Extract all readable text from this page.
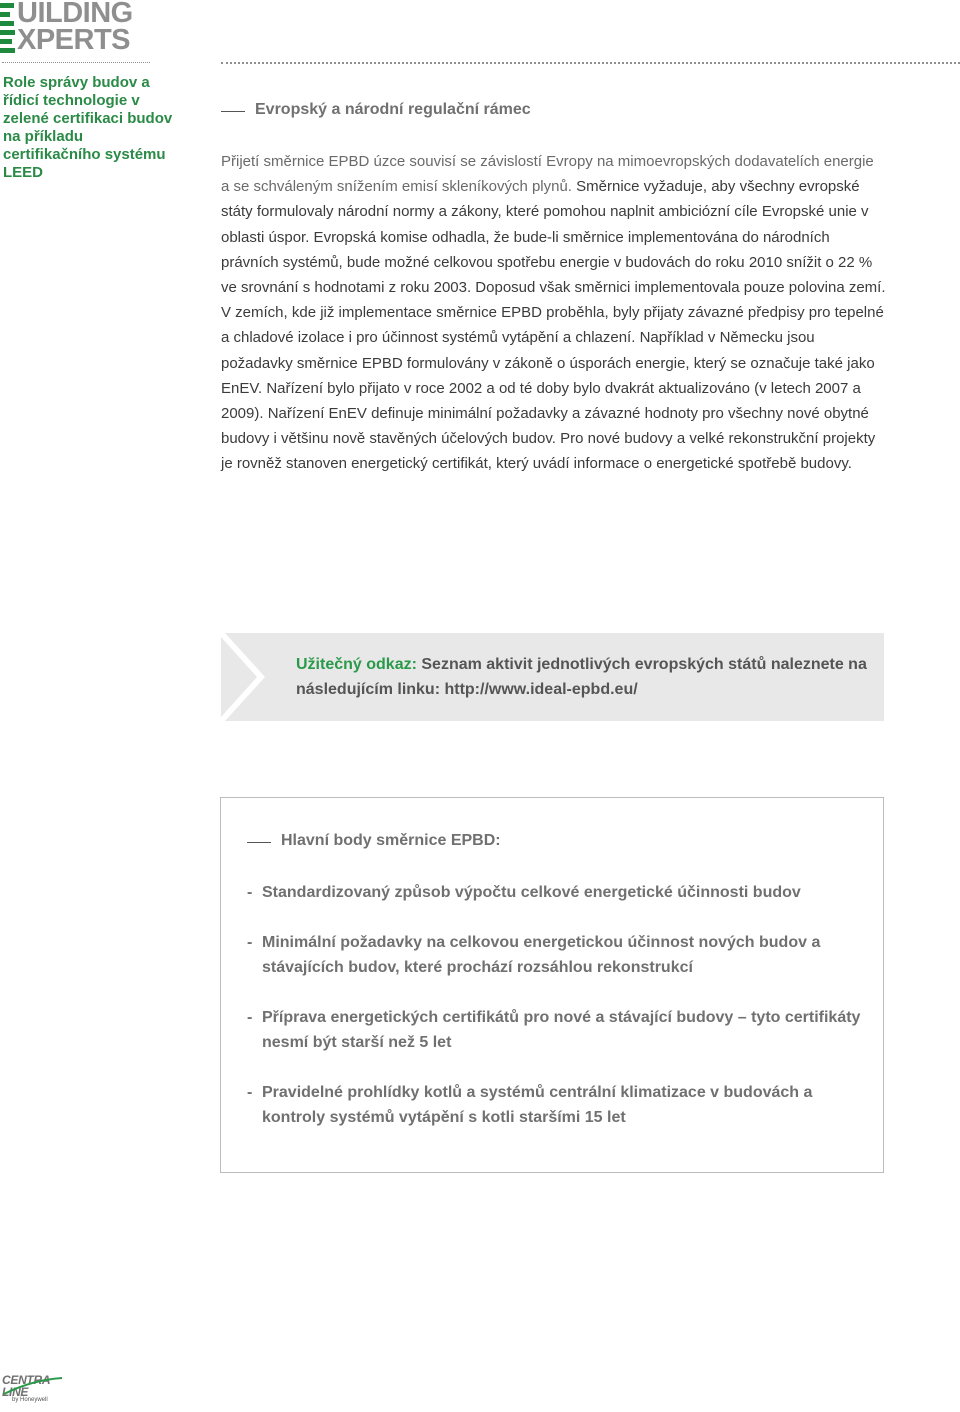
UILDING
XPERTS
Role správy budov a řídicí technologie v zelené certifikaci budov na příkladu certifikačního systému LEED
Evropský a národní regulační rámec
Přijetí směrnice EPBD úzce souvisí se závislostí Evropy na mimoevropských dodavatelích energie a se schváleným snížením emisí skleníkových plynů. Směrnice vyžaduje, aby všechny evropské státy formulovaly národní normy a zákony, které pomohou naplnit ambiciózní cíle Evropské unie v oblasti úspor. Evropská komise odhadla, že bude-li směrnice implementována do národních právních systémů, bude možné celkovou spotřebu energie v budovách do roku 2010 snížit o 22 % ve srovnání s hodnotami z roku 2003. Doposud však směrnici implementovala pouze polovina zemí. V zemích, kde již implementace směrnice EPBD proběhla, byly přijaty závazné předpisy pro tepelné a chladové izolace i pro účinnost systémů vytápění a chlazení. Například v Německu jsou požadavky směrnice EPBD formulovány v zákoně o úsporách energie, který se označuje také jako EnEV. Nařízení bylo přijato v roce 2002 a od té doby bylo dvakrát aktualizováno (v letech 2007 a 2009). Nařízení EnEV definuje minimální požadavky a závazné hodnoty pro všechny nové obytné budovy i většinu nově stavěných účelových budov. Pro nové budovy a velké rekonstrukční projekty je rovněž stanoven energetický certifikát, který uvádí informace o energetické spotřebě budovy.
Užitečný odkaz: Seznam aktivit jednotlivých evropských států naleznete na následujícím linku: http://www.ideal-epbd.eu/
Hlavní body směrnice EPBD:
- Standardizovaný způsob výpočtu celkové energetické účinnosti budov
- Minimální požadavky na celkovou energetickou účinnost nových budov a stávajících budov, které prochází rozsáhlou rekonstrukcí
- Příprava energetických certifikátů pro nové a stávající budovy – tyto certifikáty nesmí být starší než 5 let
- Pravidelné prohlídky kotlů a systémů centrální klimatizace v budovách a kontroly systémů vytápění s kotli staršími 15 let
CENTRA LINE
by Honeywell
